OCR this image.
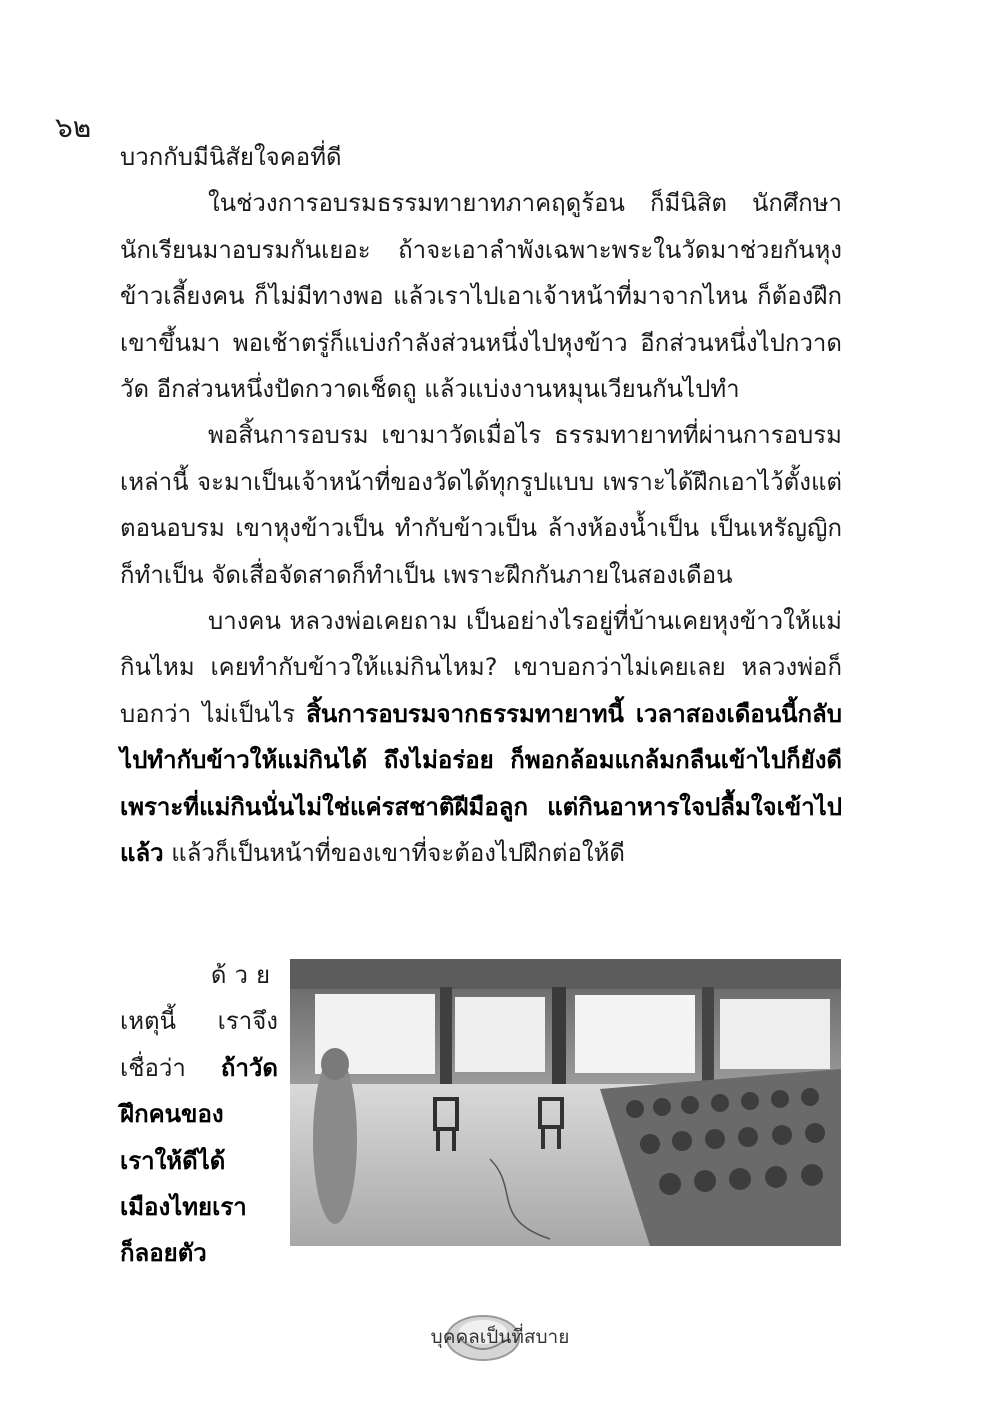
๖๒

บวกกับมีนิสัยใจคอที่ดี

ในช่วงการอบรมธรรมทายาทภาคฤดูร้อน ก็มีนิสิต นักศึกษา นักเรียนมาอบรมกันเยอะ ถ้าจะเอาลำพังเฉพาะพระในวัดมาช่วยกันหุงข้าวเลี้ยงคน ก็ไม่มีทางพอ แล้วเราไปเอาเจ้าหน้าที่มาจากไหน ก็ต้องฝึกเขาขึ้นมา พอเช้าตรู่ก็แบ่งกำลังส่วนหนึ่งไปหุงข้าว อีกส่วนหนึ่งไปกวาดวัด อีกส่วนหนึ่งปัดกวาดเช็ดถู แล้วแบ่งงานหมุนเวียนกันไปทำ

พอสิ้นการอบรม เขามาวัดเมื่อไร ธรรมทายาทที่ผ่านการอบรมเหล่านี้ จะมาเป็นเจ้าหน้าที่ของวัดได้ทุกรูปแบบ เพราะได้ฝึกเอาไว้ตั้งแต่ตอนอบรม เขาหุงข้าวเป็น ทำกับข้าวเป็น ล้างห้องน้ำเป็น เป็นเหรัญญิกก็ทำเป็น จัดเสื่อจัดสาดก็ทำเป็น เพราะฝึกกันภายในสองเดือน

บางคน หลวงพ่อเคยถาม เป็นอย่างไรอยู่ที่บ้านเคยหุงข้าวให้แม่กินไหม เคยทำกับข้าวให้แม่กินไหม? เขาบอกว่าไม่เคยเลย หลวงพ่อก็บอกว่า ไม่เป็นไร สิ้นการอบรมจากธรรมทายาทนี้ เวลาสองเดือนนี้กลับไปทำกับข้าวให้แม่กินได้ ถึงไม่อร่อย ก็พอกล้อมแกล้มกลืนเข้าไปก็ยังดี เพราะที่แม่กินนั่นไม่ใช่แค่รสชาติฝีมือลูก แต่กินอาหารใจปลื้มใจเข้าไปแล้ว แล้วก็เป็นหน้าที่ของเขาที่จะต้องไปฝึกต่อให้ดี

ด้วย
เหตุนี้ เราจึง
เชื่อว่า ถ้าวัด
ฝึกคนของ
เราให้ดีได้
เมืองไทยเรา
ก็ลอยตัว
บุคคลเป็นที่สบาย
